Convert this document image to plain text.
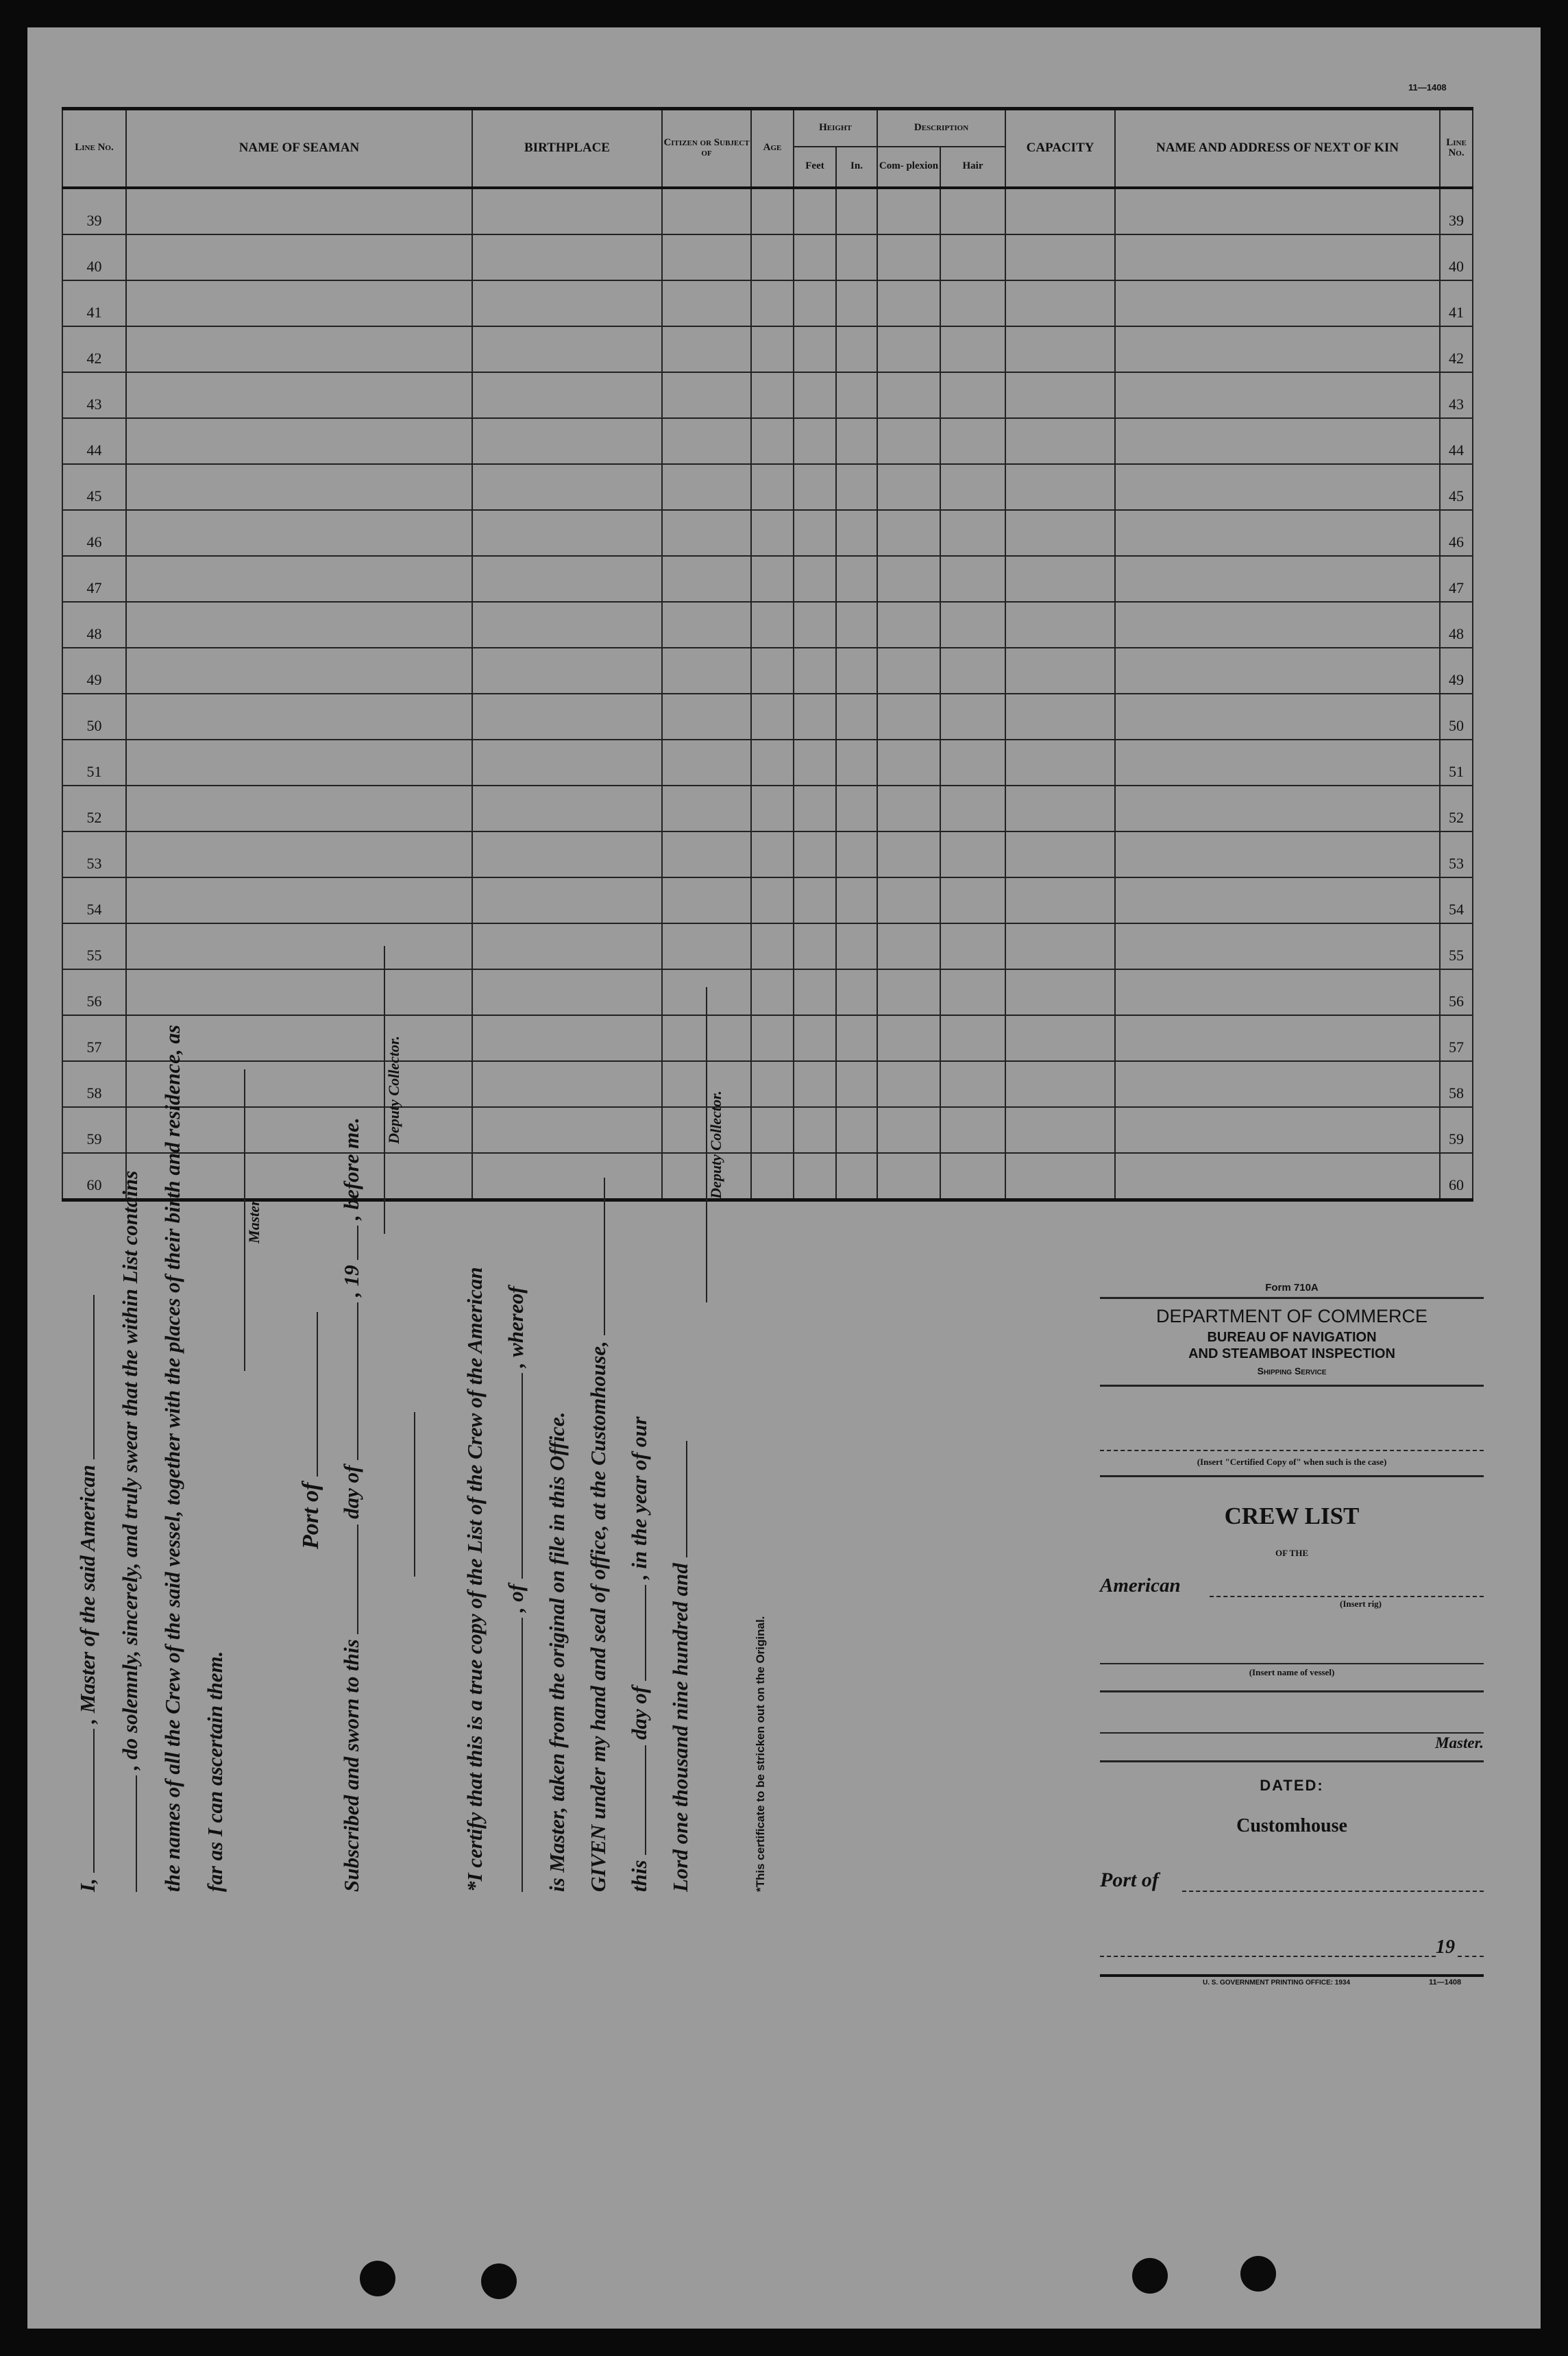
11—1408
Line No.	NAME OF SEAMAN	BIRTHPLACE	Citizen or Subject of	Age	Height		Description		CAPACITY	NAME AND ADDRESS OF NEXT OF KIN	Line No.
					Feet	In.	Com- plexion	Hair			
39											39
40											40
41											41
42											42
43											43
44											44
45											45
46											46
47											47
48											48
49											49
50											50
51											51
52											52
53											53
54											54
55											55
56											56
57											57
58											58
59											59
60											60
I,  , Master of the said American , do solemnly, sincerely, and truly swear that the within List contains the names of all the Crew of the said vessel, together with the places of their birth and residence, as far as I can ascertain them.
Master.
Port of
Subscribed and sworn to this  day of  , 19  , before me.
Deputy Collector.
*I certify that this is a true copy of the List of the Crew of the American , of  , whereof
is Master, taken from the original on file in this Office. GIVEN under my hand and seal of office, at the Customhouse, this  day of  , in the year of our
Lord one thousand nine hundred and
Deputy Collector.
*This certificate to be stricken out on the Original.
Form 710A
DEPARTMENT OF COMMERCE
BUREAU OF NAVIGATION
AND STEAMBOAT INSPECTION
Shipping Service
(Insert "Certified Copy of" when such is the case)
CREW LIST
OF THE
American
(Insert rig)
(Insert name of vessel)
Master.
DATED:
Customhouse
Port of
19
U. S. GOVERNMENT PRINTING OFFICE: 1934	11—1408
